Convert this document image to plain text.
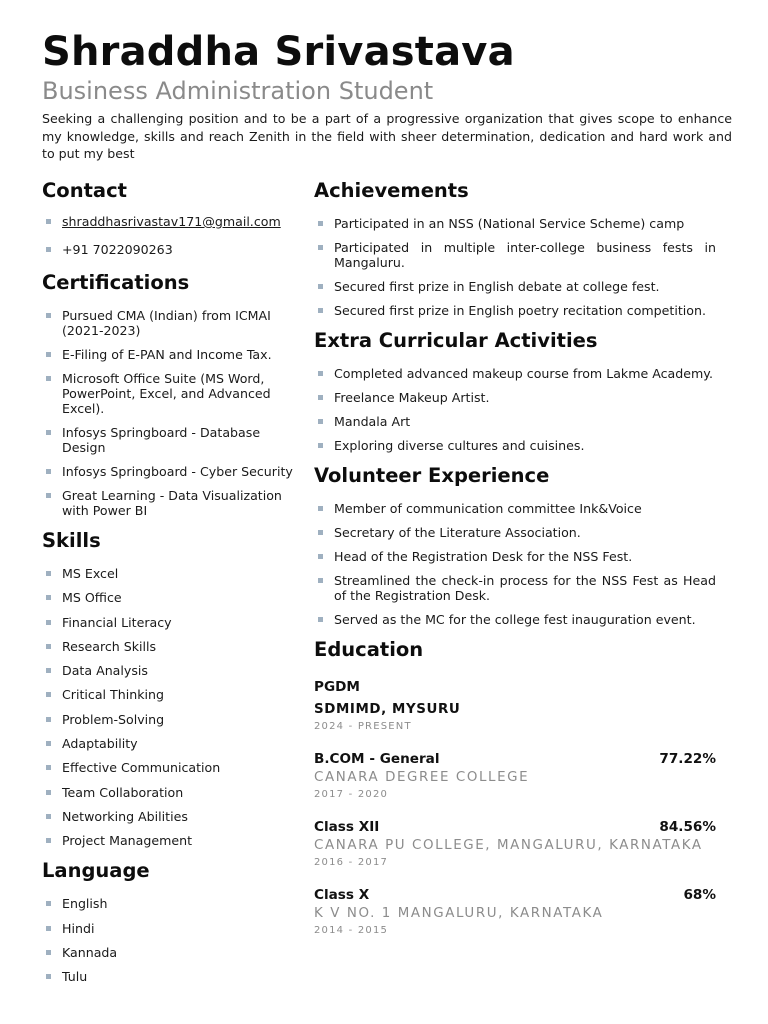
Shraddha Srivastava
Business Administration Student

Seeking a challenging position and to be a part of a progressive organization that gives scope to enhance my knowledge, skills and reach Zenith in the field with sheer determination, dedication and hard work and to put my best

Contact
shraddhasrivastav171@gmail.com
+91 7022090263
Certifications
Pursued CMA (Indian) from ICMAI (2021-2023)
E-Filing of E-PAN and Income Tax.
Microsoft Office Suite (MS Word, PowerPoint, Excel, and Advanced Excel).
Infosys Springboard - Database Design
Infosys Springboard - Cyber Security
Great Learning - Data Visualization with Power BI
Skills
MS Excel
MS Office
Financial Literacy
Research Skills
Data Analysis
Critical Thinking
Problem-Solving
Adaptability
Effective Communication
Team Collaboration
Networking Abilities
Project Management
Language
English
Hindi
Kannada
Tulu
Achievements
Participated in an NSS (National Service Scheme) camp
Participated in multiple inter-college business fests in Mangaluru.
Secured first prize in English debate at college fest.
Secured first prize in English poetry recitation competition.
Extra Curricular Activities
Completed advanced makeup course from Lakme Academy.
Freelance Makeup Artist.
Mandala Art
Exploring diverse cultures and cuisines.
Volunteer Experience
Member of communication committee Ink&Voice
Secretary of the Literature Association.
Head of the Registration Desk for the NSS Fest.
Streamlined the check-in process for the NSS Fest as Head of the Registration Desk.
Served as the MC for the college fest inauguration event.
Education
PGDM
SDMIMD, MYSURU
2024 - PRESENT
B.COM - General	77.22%
CANARA DEGREE COLLEGE
2017 - 2020
Class XII	84.56%
CANARA PU COLLEGE, MANGALURU, KARNATAKA
2016 - 2017
Class X	68%
K V NO. 1 MANGALURU, KARNATAKA
2014 - 2015
